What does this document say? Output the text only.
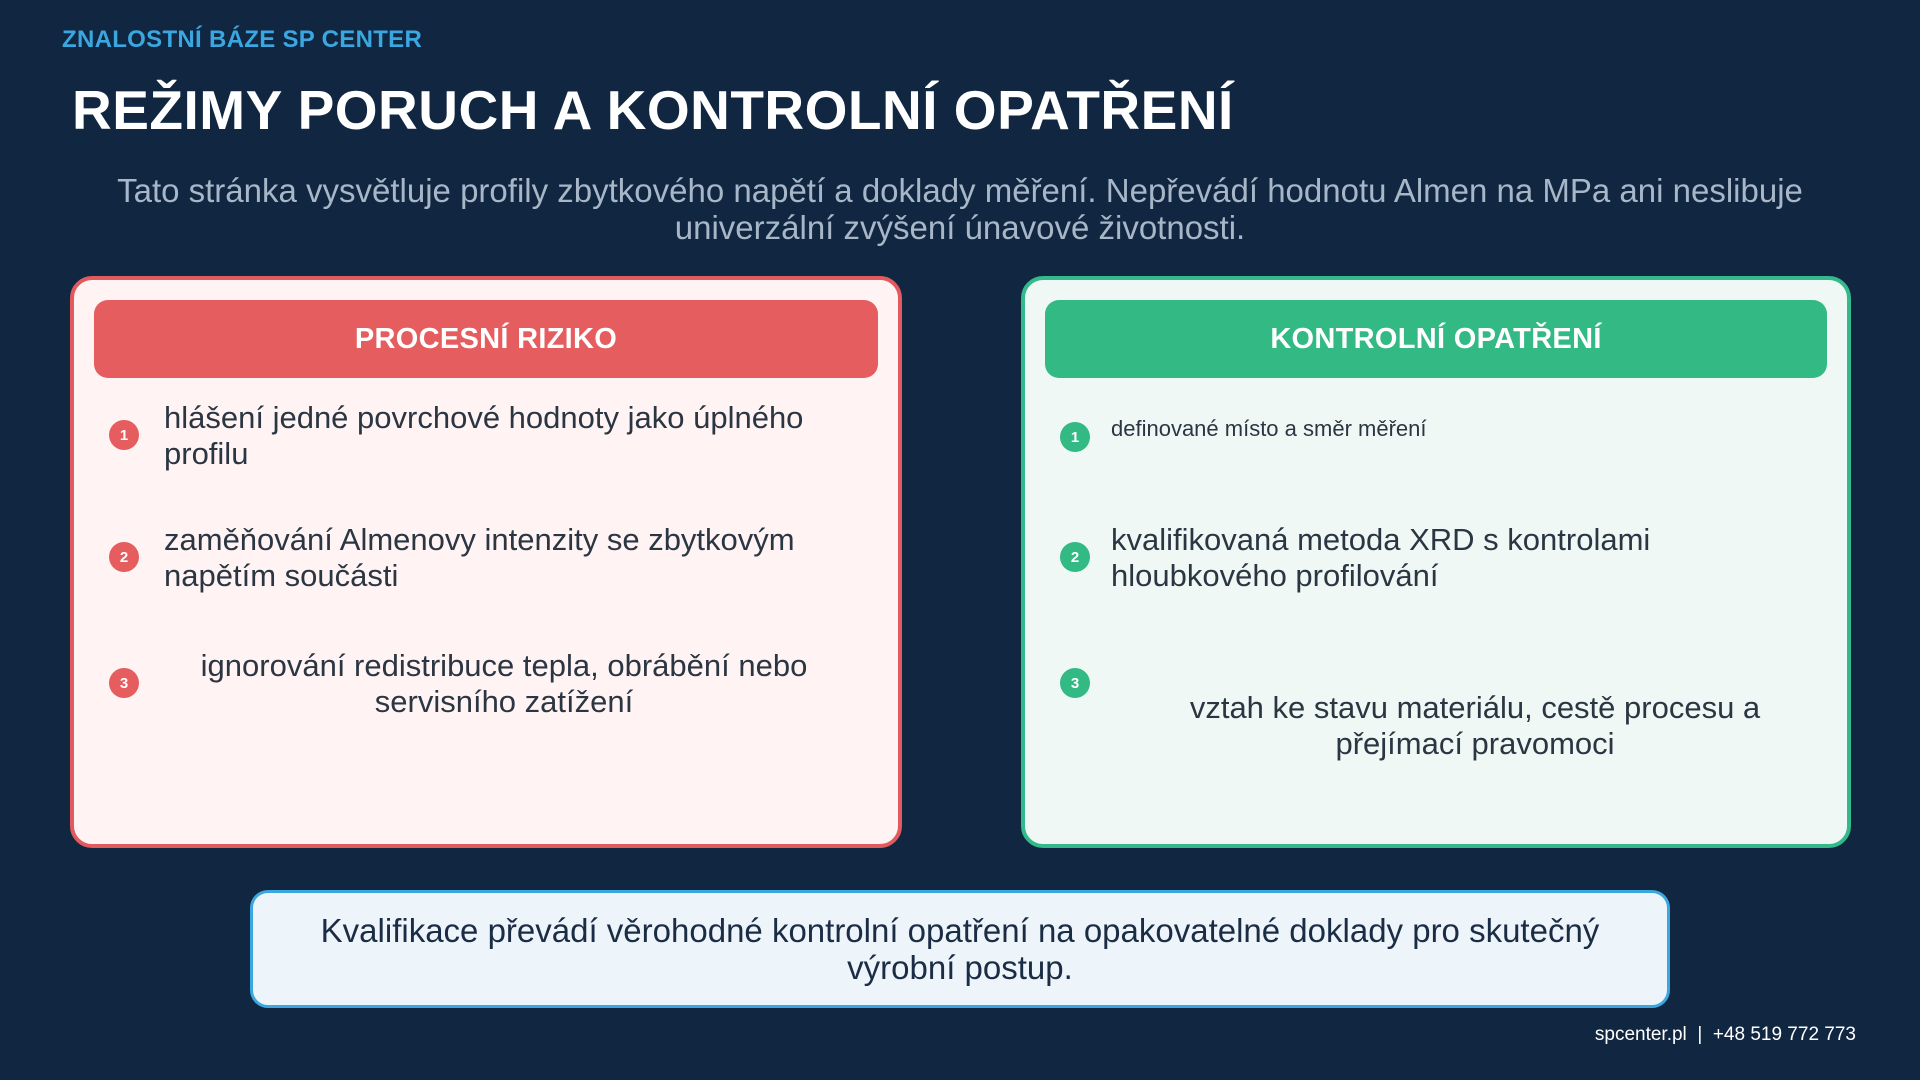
ZNALOSTNÍ BÁZE SP CENTER
REŽIMY PORUCH A KONTROLNÍ OPATŘENÍ
Tato stránka vysvětluje profily zbytkového napětí a doklady měření. Nepřevádí hodnotu Almen na MPa ani neslibuje univerzální zvýšení únavové životnosti.
PROCESNÍ RIZIKO
1	hlášení jedné povrchové hodnoty jako úplného profilu
2	zaměňování Almenovy intenzity se zbytkovým napětím součásti
3	ignorování redistribuce tepla, obrábění nebo servisního zatížení
KONTROLNÍ OPATŘENÍ
1	definované místo a směr měření
2	kvalifikovaná metoda XRD s kontrolami hloubkového profilování
3
vztah ke stavu materiálu, cestě procesu a přejímací pravomoci
Kvalifikace převádí věrohodné kontrolní opatření na opakovatelné doklady pro skutečný výrobní postup.
spcenter.pl  |  +48 519 772 773
